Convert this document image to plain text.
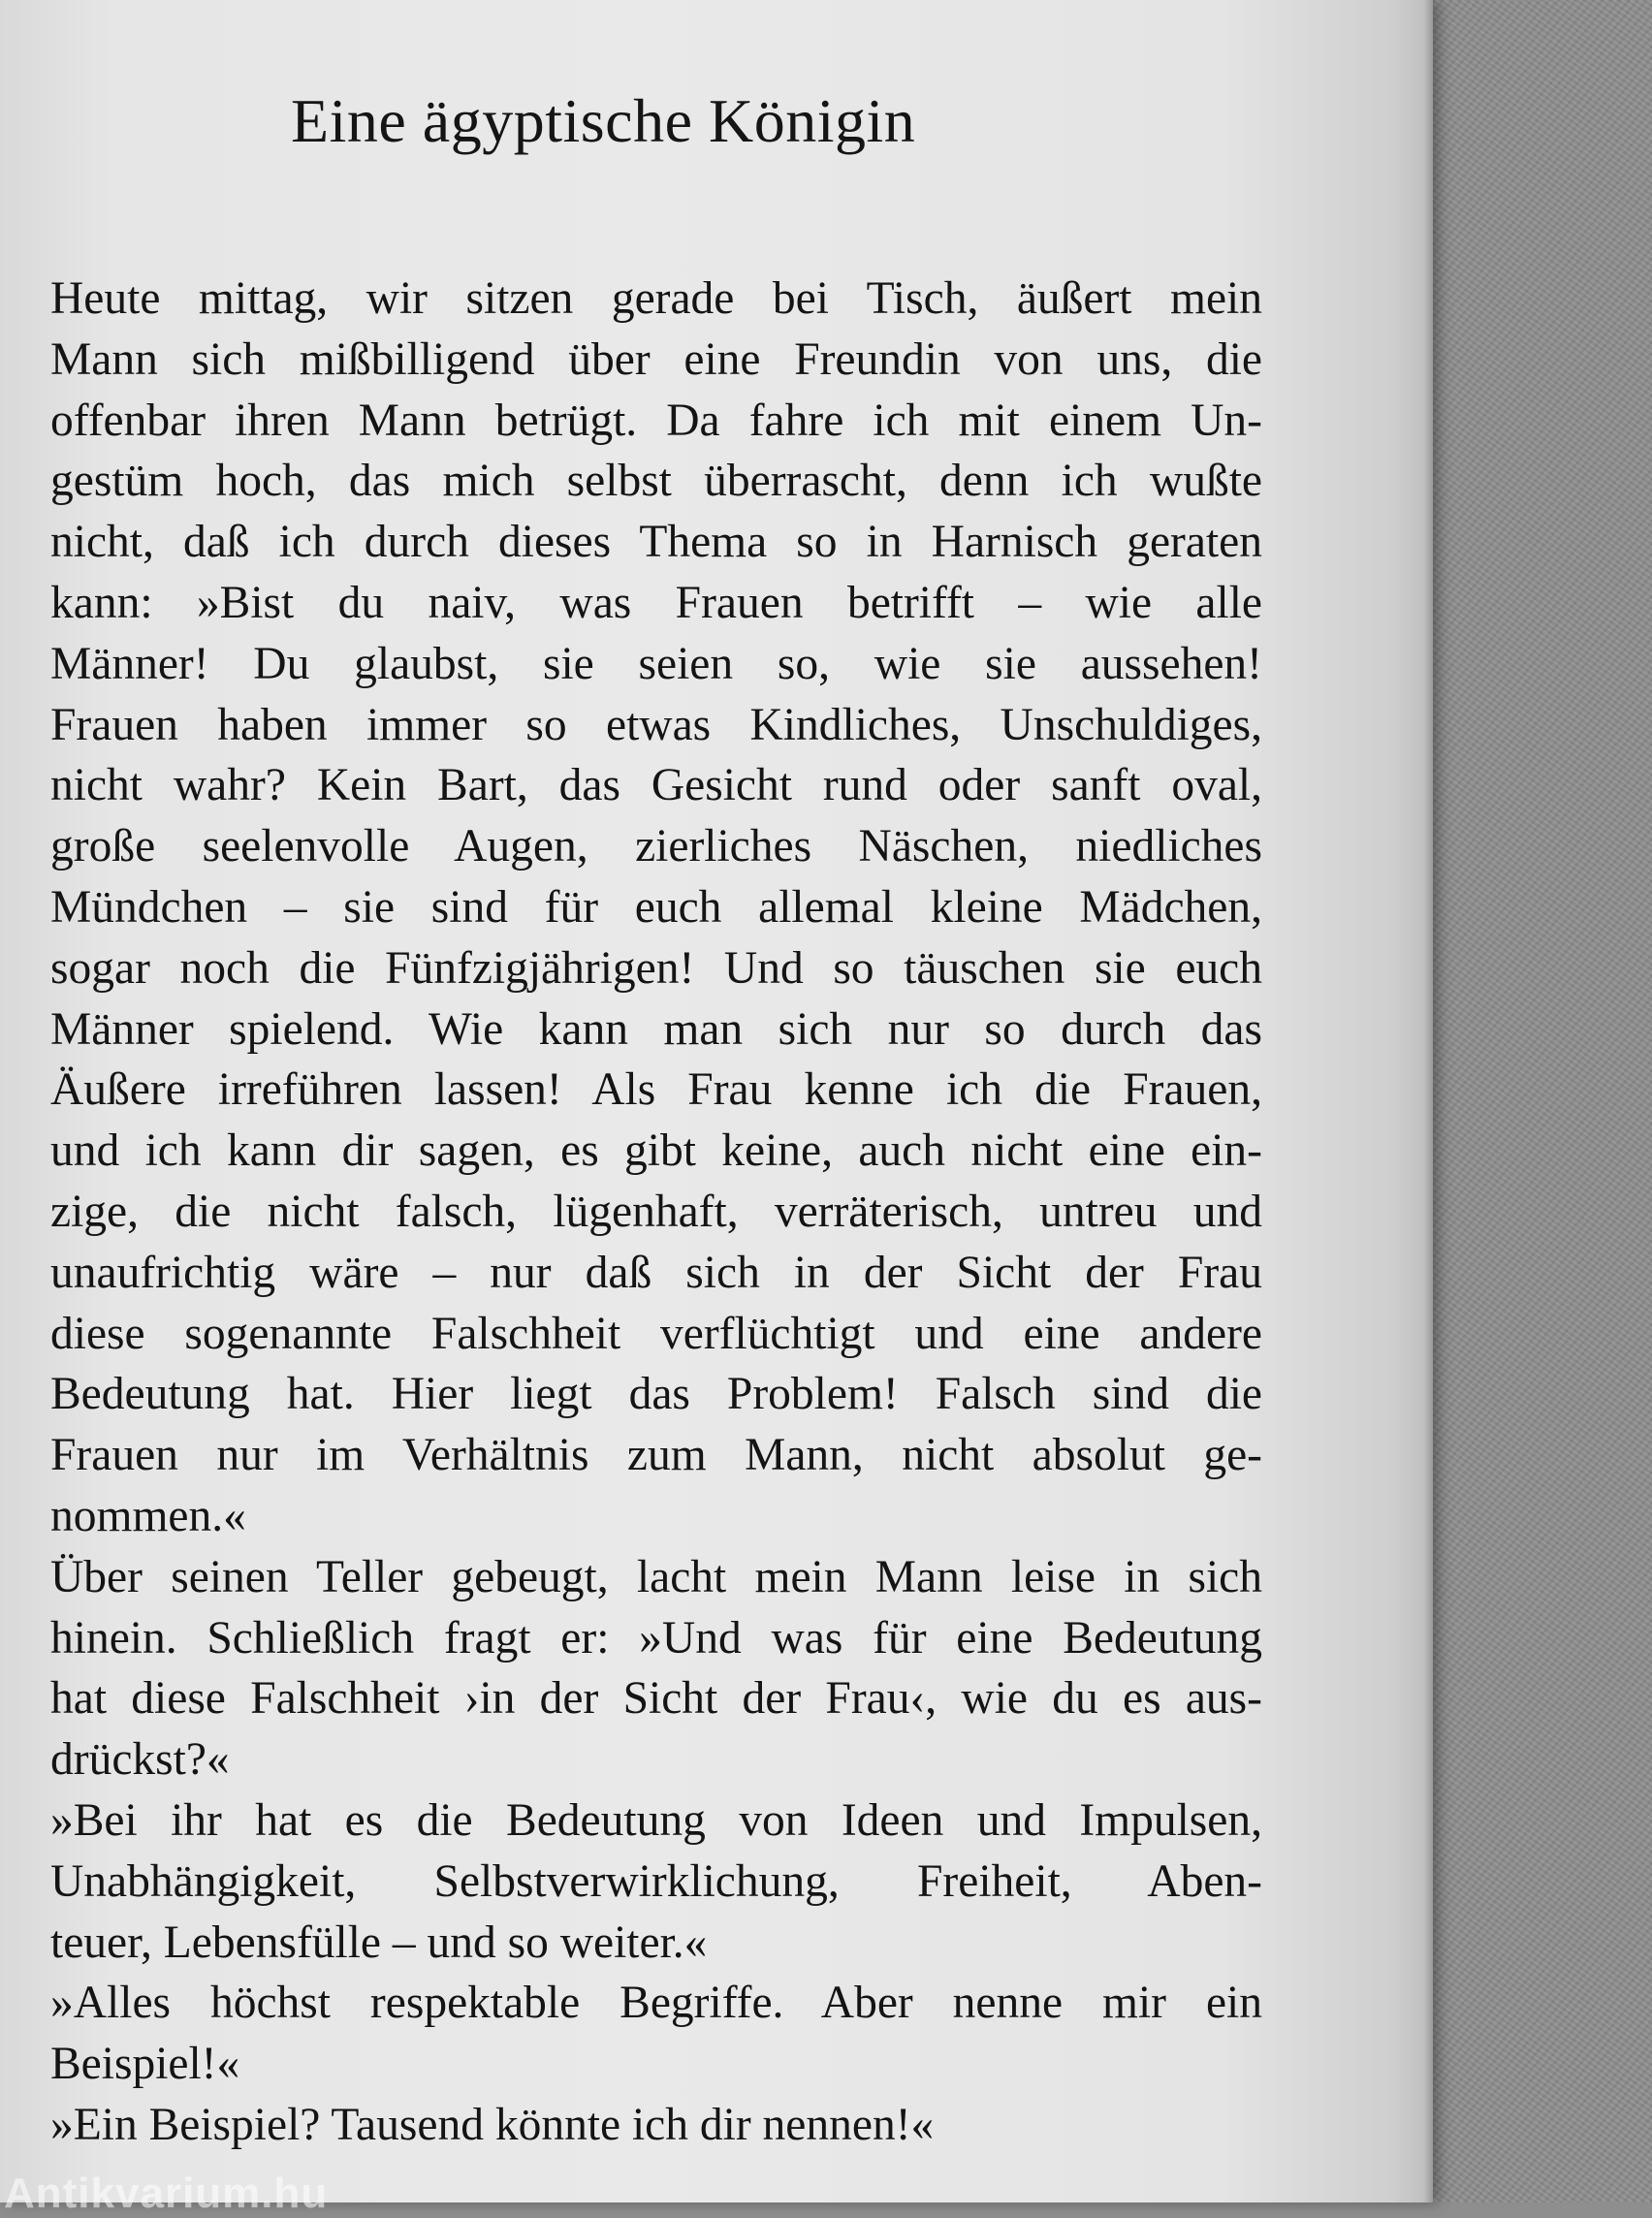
Eine ägyptische Königin
Heute mittag, wir sitzen gerade bei Tisch, äußert mein
Mann sich mißbilligend über eine Freundin von uns, die
offenbar ihren Mann betrügt. Da fahre ich mit einem Un-
gestüm hoch, das mich selbst überrascht, denn ich wußte
nicht, daß ich durch dieses Thema so in Harnisch geraten
kann: »Bist du naiv, was Frauen betrifft – wie alle
Männer! Du glaubst, sie seien so, wie sie aussehen!
Frauen haben immer so etwas Kindliches, Unschuldiges,
nicht wahr? Kein Bart, das Gesicht rund oder sanft oval,
große seelenvolle Augen, zierliches Näschen, niedliches
Mündchen – sie sind für euch allemal kleine Mädchen,
sogar noch die Fünfzigjährigen! Und so täuschen sie euch
Männer spielend. Wie kann man sich nur so durch das
Äußere irreführen lassen! Als Frau kenne ich die Frauen,
und ich kann dir sagen, es gibt keine, auch nicht eine ein-
zige, die nicht falsch, lügenhaft, verräterisch, untreu und
unaufrichtig wäre – nur daß sich in der Sicht der Frau
diese sogenannte Falschheit verflüchtigt und eine andere
Bedeutung hat. Hier liegt das Problem! Falsch sind die
Frauen nur im Verhältnis zum Mann, nicht absolut ge-
nommen.«
Über seinen Teller gebeugt, lacht mein Mann leise in sich
hinein. Schließlich fragt er: »Und was für eine Bedeutung
hat diese Falschheit ›in der Sicht der Frau‹, wie du es aus-
drückst?«
»Bei ihr hat es die Bedeutung von Ideen und Impulsen,
Unabhängigkeit, Selbstverwirklichung, Freiheit, Aben-
teuer, Lebensfülle – und so weiter.«
»Alles höchst respektable Begriffe. Aber nenne mir ein
Beispiel!«
»Ein Beispiel? Tausend könnte ich dir nennen!«
Antikvarium.hu
